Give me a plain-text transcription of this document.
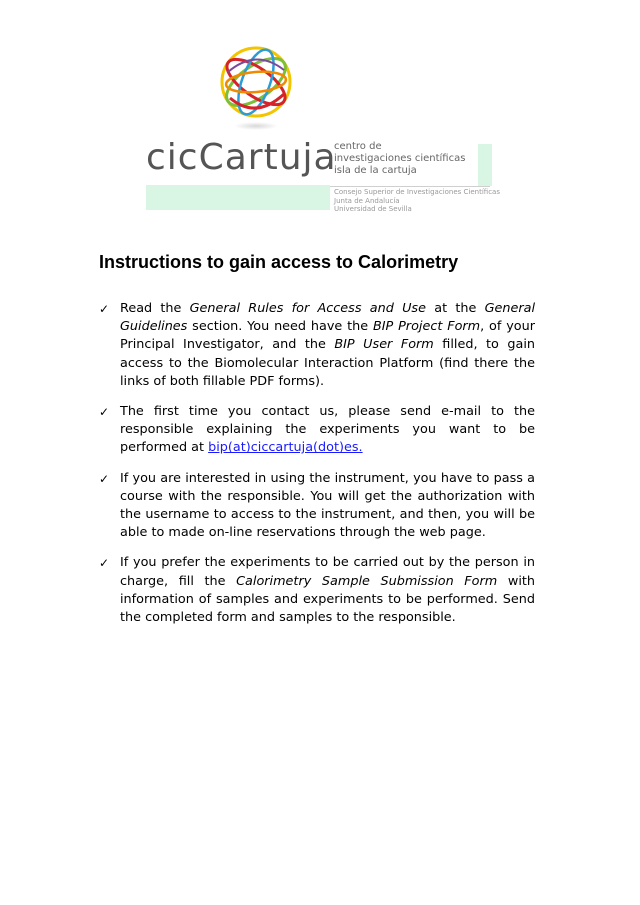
cicCartuja
centro de
investigaciones científicas
isla de la cartuja
Consejo Superior de Investigaciones Científicas
Junta de Andalucía
Universidad de Sevilla
Instructions to gain access to Calorimetry
✓ Read the General Rules for Access and Use at the General Guidelines section. You need have the BIP Project Form, of your Principal Investigator, and the BIP User Form filled, to gain access to the Biomolecular Interaction Platform (find there the links of both fillable PDF forms).
✓ The first time you contact us, please send e-mail to the responsible explaining the experiments you want to be performed at bip(at)ciccartuja(dot)es.
✓ If you are interested in using the instrument, you have to pass a course with the responsible. You will get the authorization with the username to access to the instrument, and then, you will be able to made on-line reservations through the web page.
✓ If you prefer the experiments to be carried out by the person in charge, fill the Calorimetry Sample Submission Form with information of samples and experiments to be performed. Send the completed form and samples to the responsible.
